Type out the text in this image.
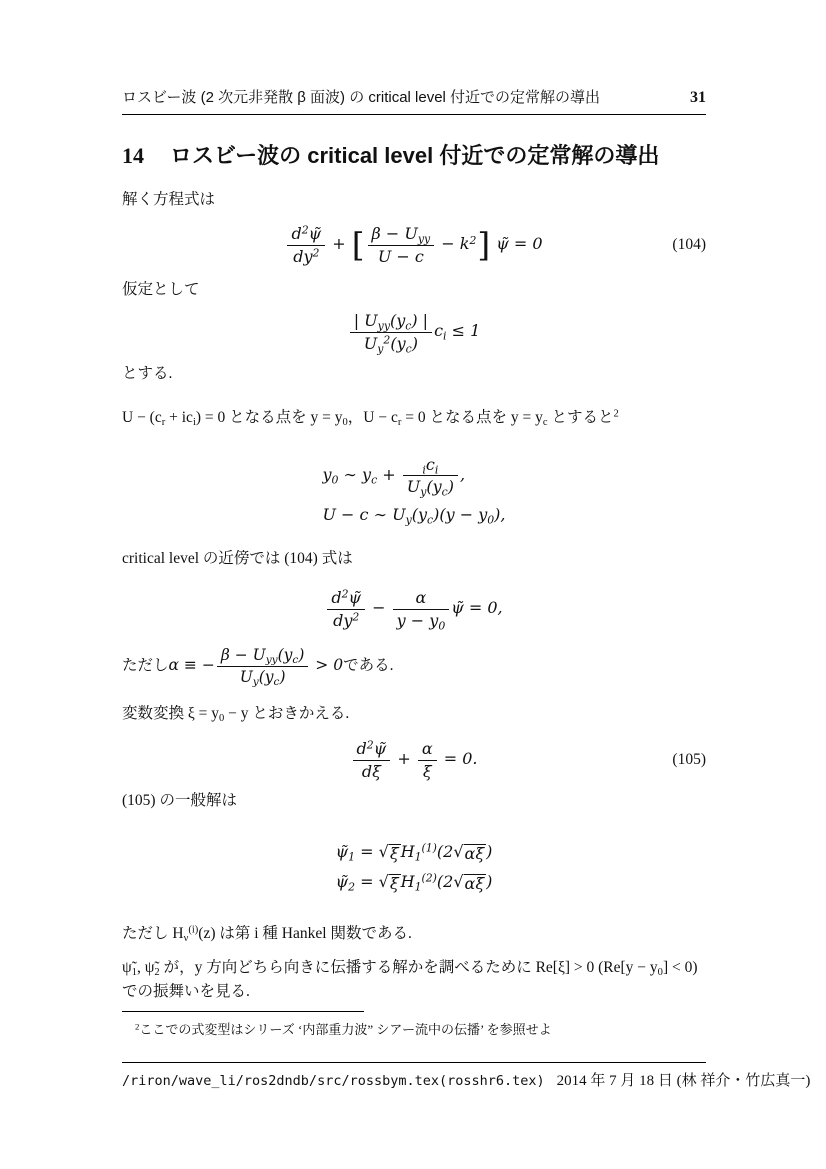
ロスビー波 (2 次元非発散 β 面波) の critical level 付近での定常解の導出	31
14 ロスビー波の critical level 付近での定常解の導出
解く方程式は
$\frac{d^2\psĩ}{dy^2}$ + [ $\frac{\beta - U_{yy}}{U - c} - k^2$] ψ̃ = 0	(104)
仮定として
$\frac{| U_{yy}(y_c) |}{U_y^2(y_c)} c_i \le 1$
とする.
$U - (c_r + ic_i) = 0$ となる点を $y = y_0$，$U - c_r = 0$ となる点を $y = y_c$ とすると$^2$
$y_0$ ∼ $y_c + \frac{_ic_i}{U_y(y_c)}$ ,
U − c ∼ $U_y(y_c)(y - y_0)$,
critical level の近傍では (104) 式は
$\frac{d^2\psĩ}{dy^2} - \frac{\alpha}{y - y_0}$ ψ̃ = 0,
ただし α ≡ − $\frac{\beta - U_{yy}(y_c)}{U_y(y_c)} > 0$ である.
変数変換 $\xi = y_0 - y$ とおきかえる.
$\frac{d^2\psĩ}{d\xi} + \frac{\alpha}{\xi} = 0$.	(105)
(105) の一般解は
$\psĩ_1$ = √ ξ $H_1^{(1)}(2$ √ αξ )
$\psĩ_2$ = √ ξ $H_1^{(2)}(2$ √ αξ )
ただし $H_\nu^{(i)}(z)$ は第 i 種 Hankel 関数である.
$\psĩ_1$, $\psĩ_2$ が，y 方向どちら向きに伝播する解かを調べるために Re[ξ] > 0 $(Re[y - y_0] < 0)$ での振舞いを見る.
$^2$ここでの式変型はシリーズ ‘内部重力波” シアー流中の伝播’ を参照せよ
/riron/wave_li/ros2dndb/src/rossbym.tex(rosshr6.tex) 2014 年 7 月 18 日 (林 祥介・竹広真一)
